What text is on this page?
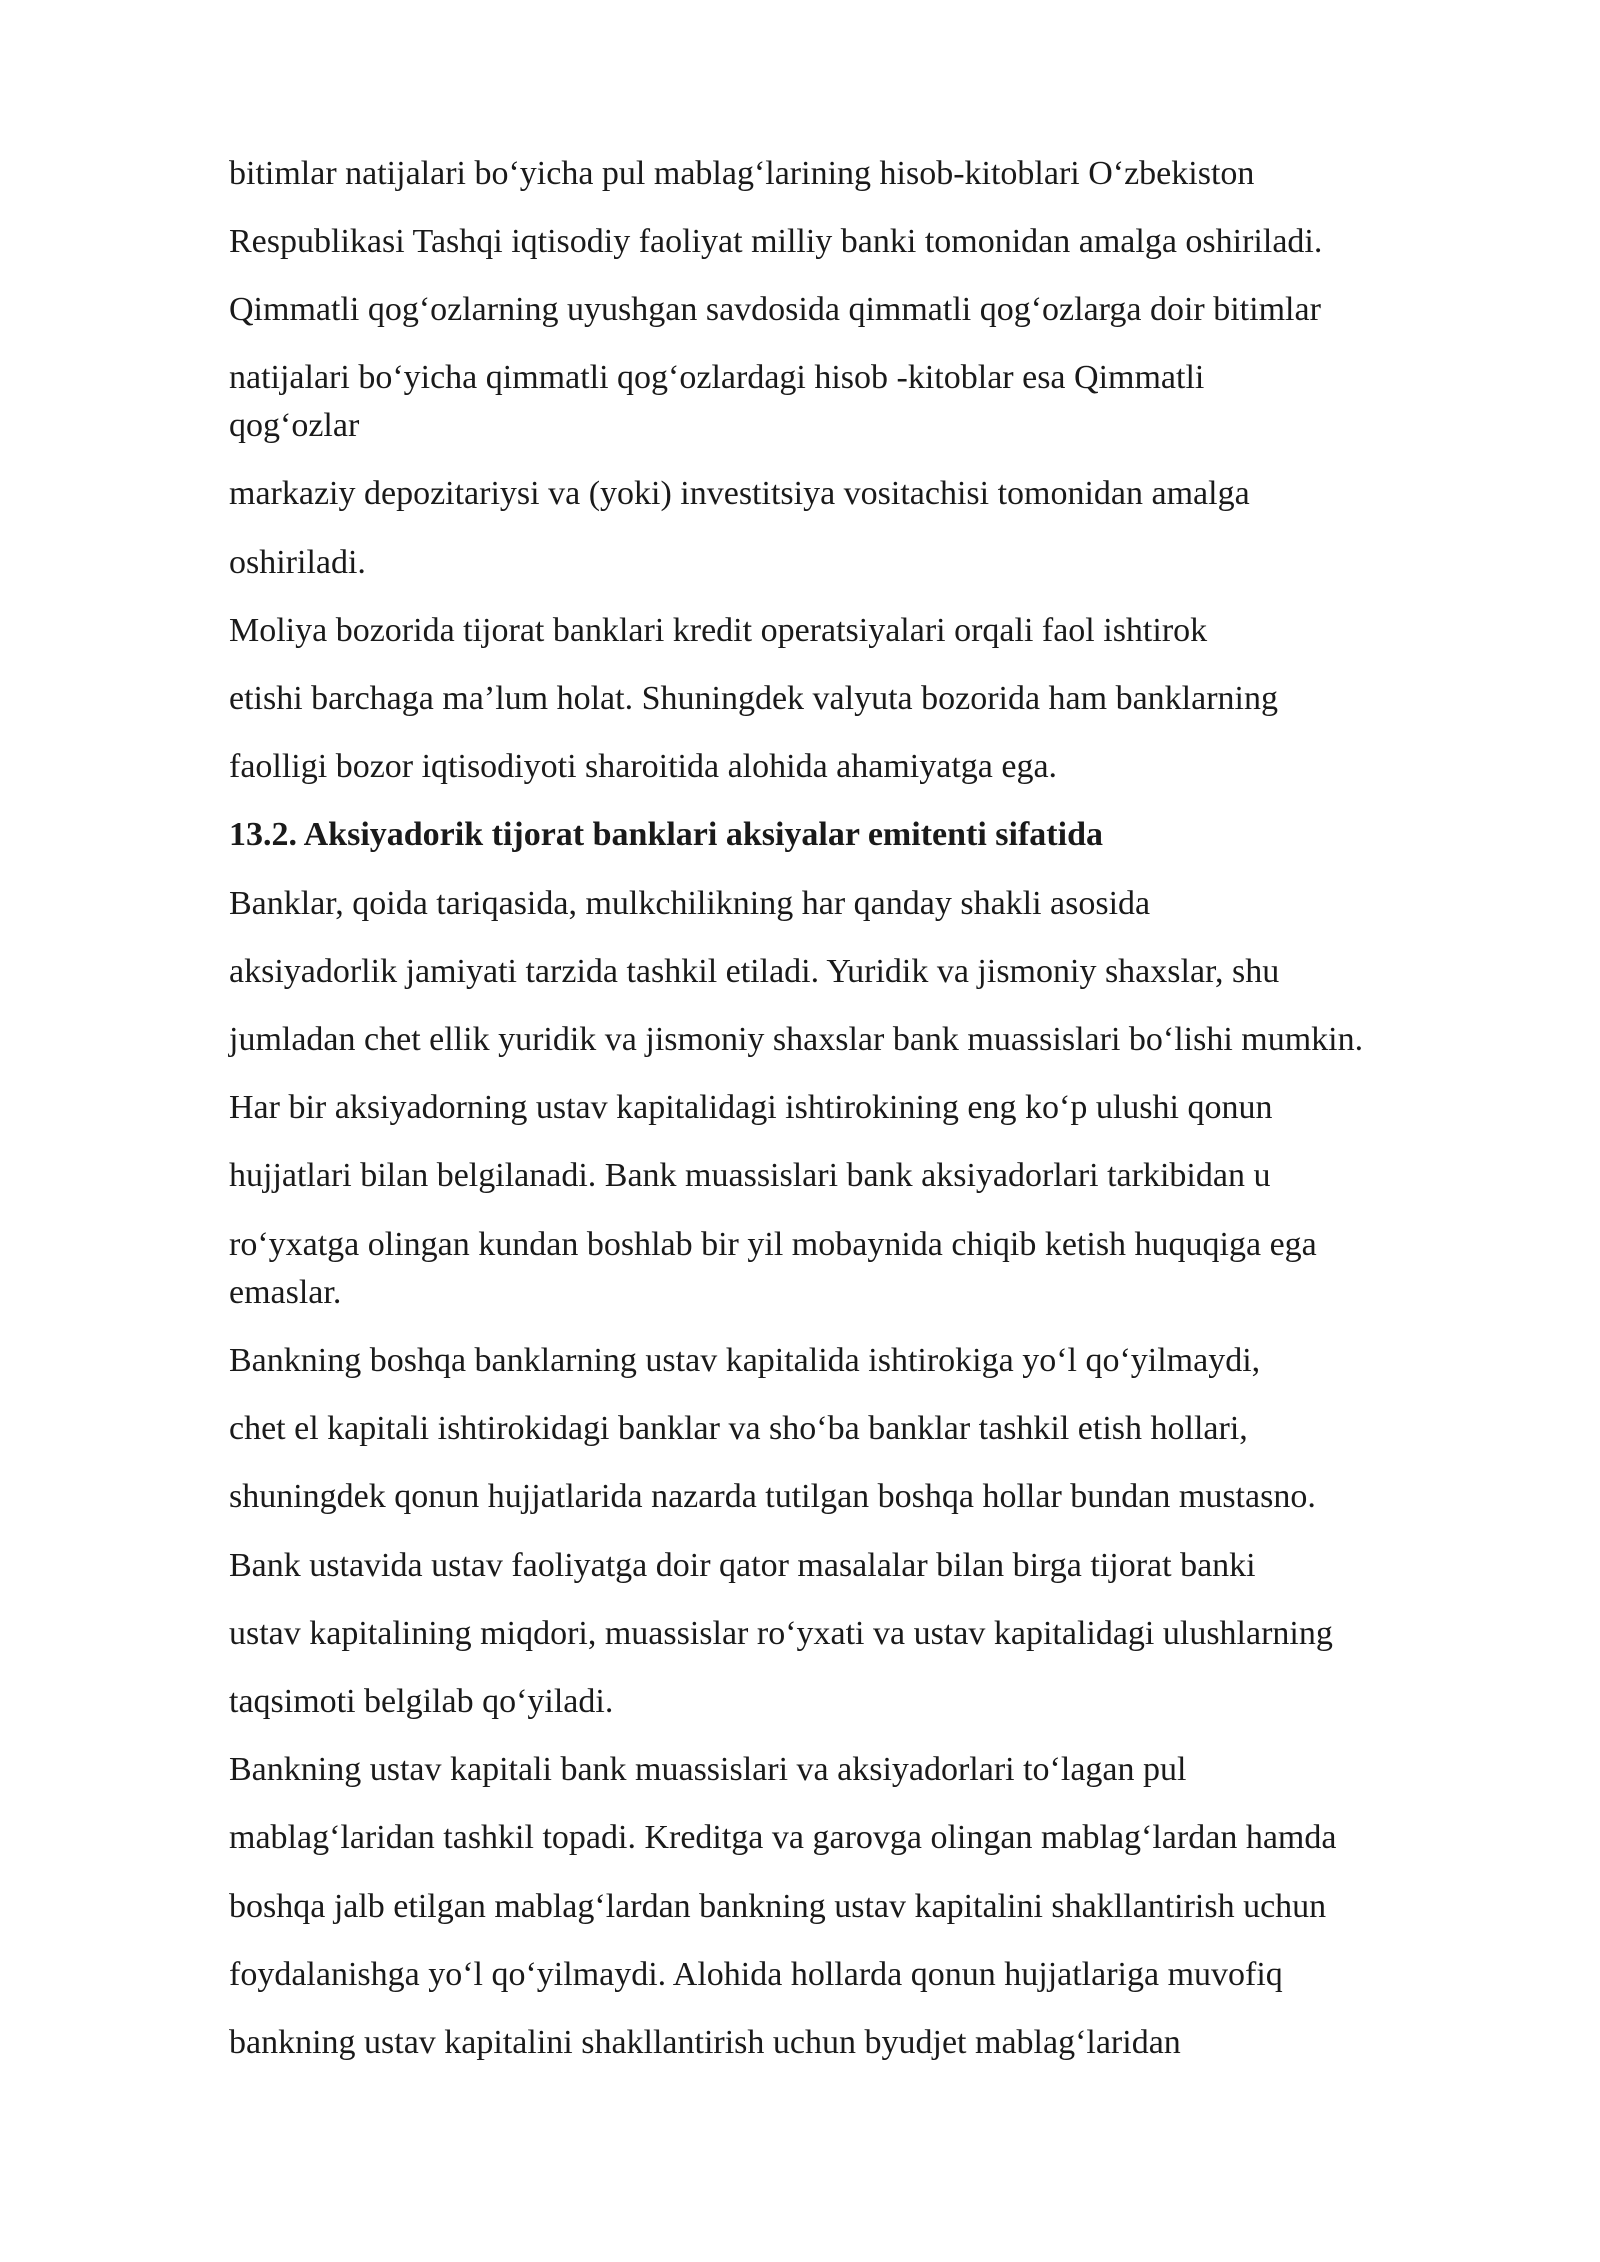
bitimlar natijalari bo‘yicha pul mablag‘larining hisob-kitoblari O‘zbekiston
Respublikasi Tashqi iqtisodiy faoliyat milliy banki tomonidan amalga oshiriladi.
Qimmatli qog‘ozlarning uyushgan savdosida qimmatli qog‘ozlarga doir bitimlar
natijalari bo‘yicha qimmatli qog‘ozlardagi hisob -kitoblar esa Qimmatli
qog‘ozlar
markaziy depozitariysi va (yoki) investitsiya vositachisi tomonidan amalga
oshiriladi.
Moliya bozorida tijorat banklari kredit operatsiyalari orqali faol ishtirok
etishi barchaga ma’lum holat. Shuningdek valyuta bozorida ham banklarning
faolligi bozor iqtisodiyoti sharoitida alohida ahamiyatga ega.
13.2. Aksiyadorik tijorat banklari aksiyalar emitenti sifatida
Banklar, qoida tariqasida, mulkchilikning har qanday shakli asosida
aksiyadorlik jamiyati tarzida tashkil etiladi. Yuridik va jismoniy shaxslar, shu
jumladan chet ellik yuridik va jismoniy shaxslar bank muassislari bo‘lishi mumkin.
Har bir aksiyadorning ustav kapitalidagi ishtirokining eng ko‘p ulushi qonun
hujjatlari bilan belgilanadi. Bank muassislari bank aksiyadorlari tarkibidan u
ro‘yxatga olingan kundan boshlab bir yil mobaynida chiqib ketish huquqiga ega
emaslar.
Bankning boshqa banklarning ustav kapitalida ishtirokiga yo‘l qo‘yilmaydi,
chet el kapitali ishtirokidagi banklar va sho‘ba banklar tashkil etish hollari,
shuningdek qonun hujjatlarida nazarda tutilgan boshqa hollar bundan mustasno.
Bank ustavida ustav faoliyatga doir qator masalalar bilan birga tijorat banki
ustav kapitalining miqdori, muassislar ro‘yxati va ustav kapitalidagi ulushlarning
taqsimoti belgilab qo‘yiladi.
Bankning ustav kapitali bank muassislari va aksiyadorlari to‘lagan pul
mablag‘laridan tashkil topadi. Kreditga va garovga olingan mablag‘lardan hamda
boshqa jalb etilgan mablag‘lardan bankning ustav kapitalini shakllantirish uchun
foydalanishga yo‘l qo‘yilmaydi. Alohida hollarda qonun hujjatlariga muvofiq
bankning ustav kapitalini shakllantirish uchun byudjet mablag‘laridan
